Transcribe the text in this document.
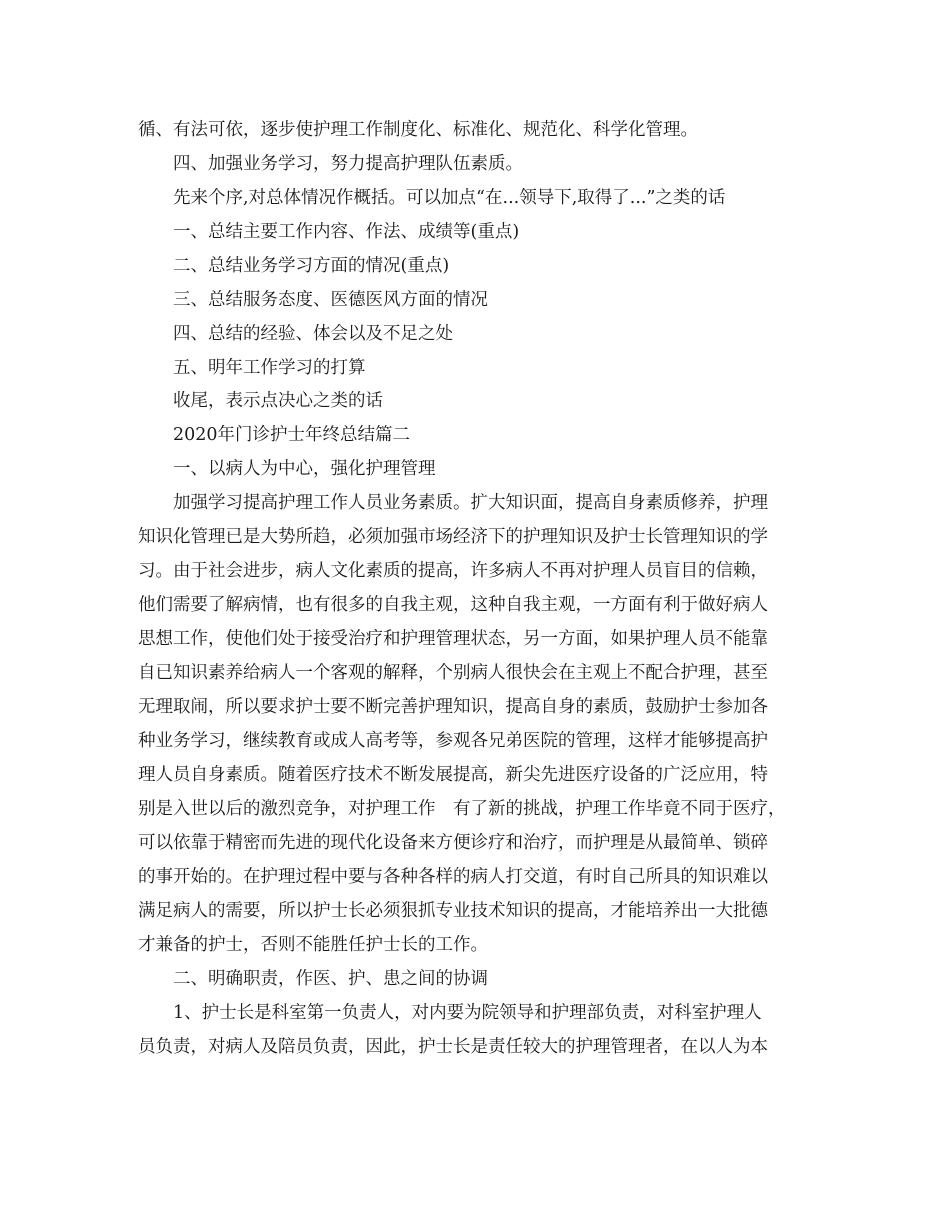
循、有法可依，逐步使护理工作制度化、标准化、规范化、科学化管理。
四、加强业务学习，努力提高护理队伍素质。
先来个序,对总体情况作概括。可以加点“在...领导下,取得了...”之类的话
一、总结主要工作内容、作法、成绩等(重点)
二、总结业务学习方面的情况(重点)
三、总结服务态度、医德医风方面的情况
四、总结的经验、体会以及不足之处
五、明年工作学习的打算
收尾，表示点决心之类的话
2020年门诊护士年终总结篇二
一、以病人为中心，强化护理管理
加强学习提高护理工作人员业务素质。扩大知识面，提高自身素质修养，护理
知识化管理已是大势所趋，必须加强市场经济下的护理知识及护士长管理知识的学
习。由于社会进步，病人文化素质的提高，许多病人不再对护理人员盲目的信赖，
他们需要了解病情，也有很多的自我主观，这种自我主观，一方面有利于做好病人
思想工作，使他们处于接受治疗和护理管理状态，另一方面，如果护理人员不能靠
自已知识素养给病人一个客观的解释，个别病人很快会在主观上不配合护理，甚至
无理取闹，所以要求护士要不断完善护理知识，提高自身的素质，鼓励护士参加各
种业务学习，继续教育或成人高考等，参观各兄弟医院的管理，这样才能够提高护
理人员自身素质。随着医疗技术不断发展提高，新尖先进医疗设备的广泛应用，特
别是入世以后的激烈竞争，对护理工作　有了新的挑战，护理工作毕竟不同于医疗，
可以依靠于精密而先进的现代化设备来方便诊疗和治疗，而护理是从最简单、锁碎
的事开始的。在护理过程中要与各种各样的病人打交道，有时自己所具的知识难以
满足病人的需要，所以护士长必须狠抓专业技术知识的提高，才能培养出一大批德
才兼备的护士，否则不能胜任护士长的工作。
二、明确职责，作医、护、患之间的协调
1、护士长是科室第一负责人，对内要为院领导和护理部负责，对科室护理人
员负责，对病人及陪员负责，因此，护士长是责任较大的护理管理者，在以人为本
